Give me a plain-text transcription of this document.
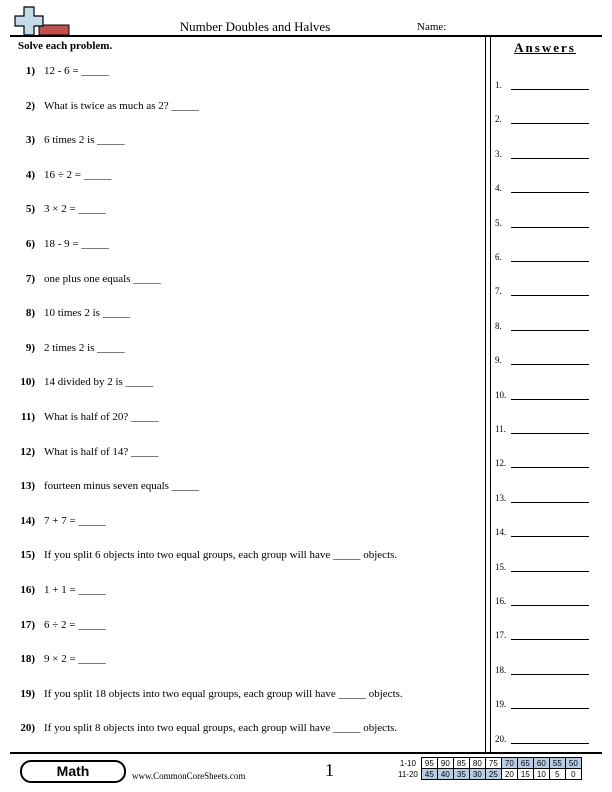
Number Doubles and Halves	Name:
Solve each problem.
1) 12 - 6 = _____
2) What is twice as much as 2? _____
3) 6 times 2 is _____
4) 16 ÷ 2 = _____
5) 3 × 2 = _____
6) 18 - 9 = _____
7) one plus one equals _____
8) 10 times 2 is _____
9) 2 times 2 is _____
10) 14 divided by 2 is _____
11) What is half of 20? _____
12) What is half of 14? _____
13) fourteen minus seven equals _____
14) 7 + 7 = _____
15) If you split 6 objects into two equal groups, each group will have _____ objects.
16) 1 + 1 = _____
17) 6 ÷ 2 = _____
18) 9 × 2 = _____
19) If you split 18 objects into two equal groups, each group will have _____ objects.
20) If you split 8 objects into two equal groups, each group will have _____ objects.
Answers
1.
2.
3.
4.
5.
6.
7.
8.
9.
10.
11.
12.
13.
14.
15.
16.
17.
18.
19.
20.
Math	www.CommonCoreSheets.com	1	1-10	95	90	85	80	75	70	65	60	55	50
11-20	45	40	35	30	25	20	15	10	5	0
